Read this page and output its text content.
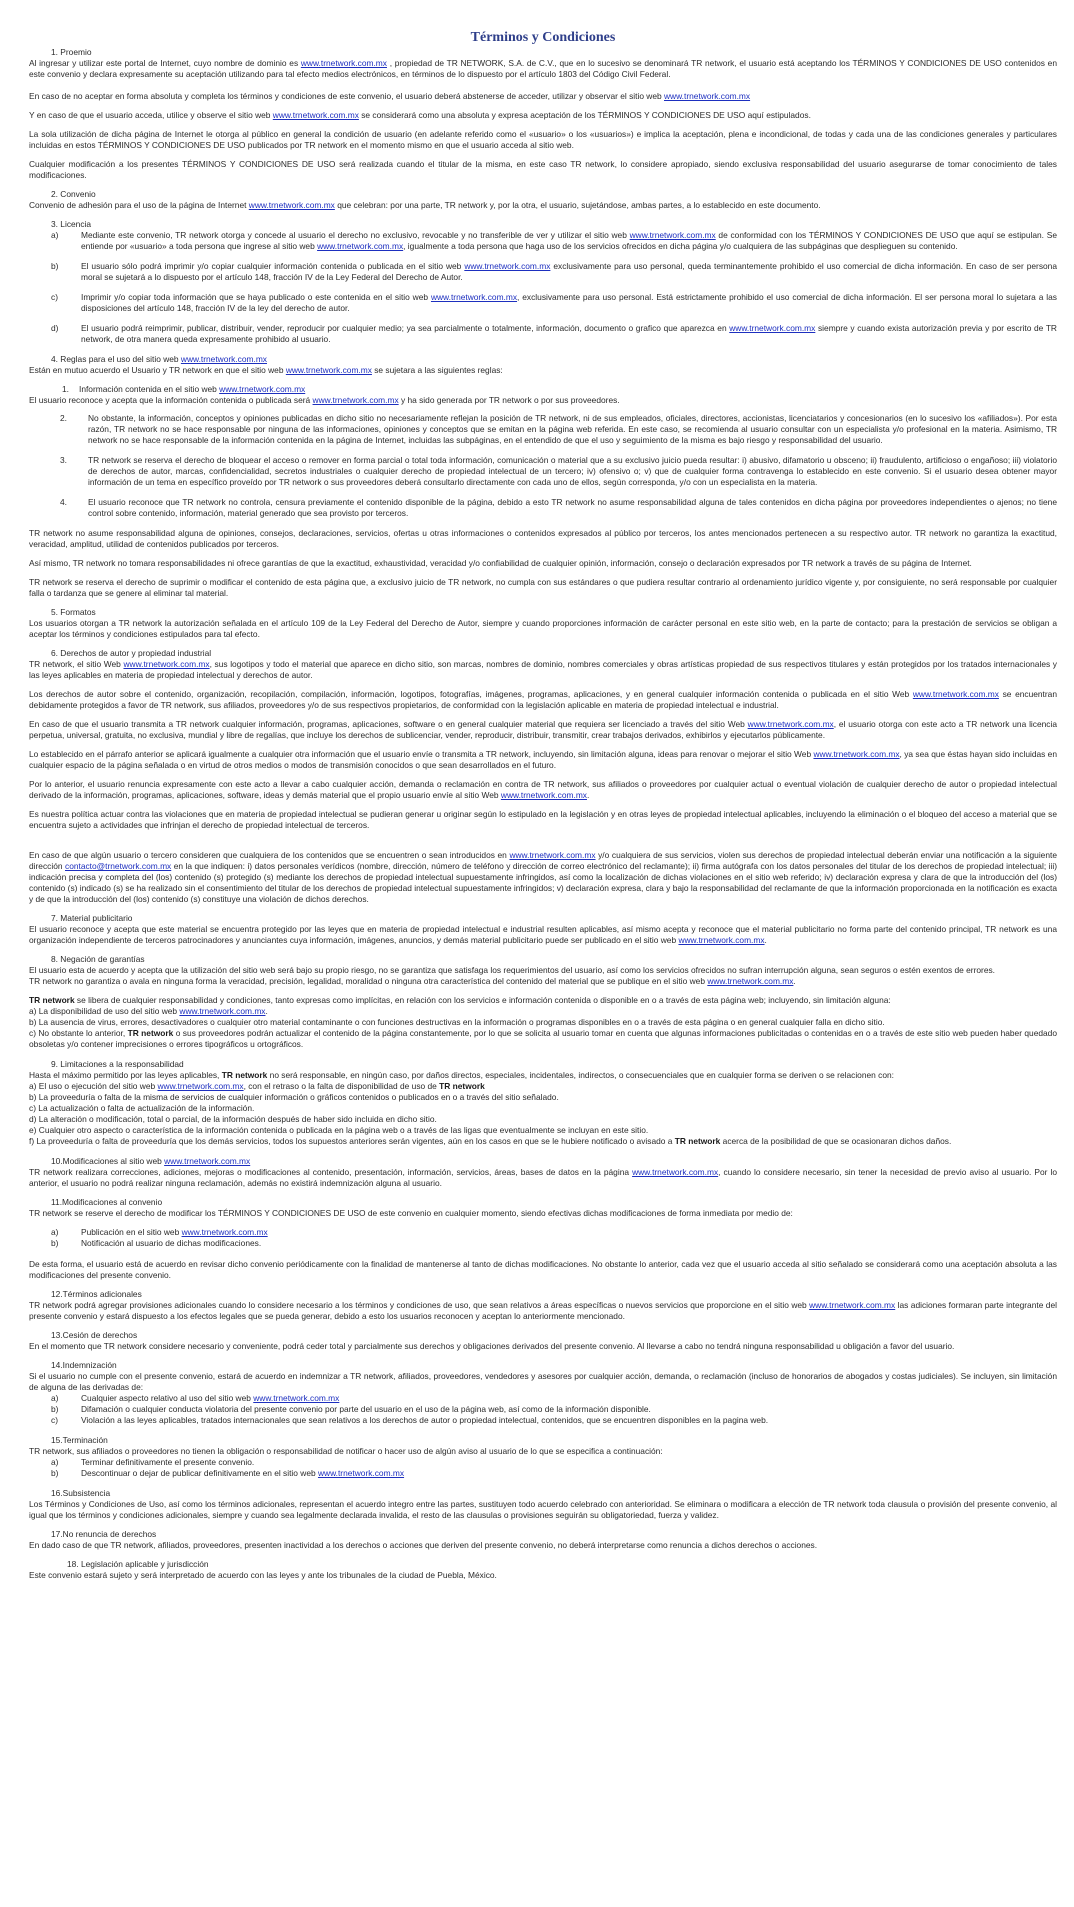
Términos y Condiciones
1. Proemio

Al ingresar y utilizar este portal de Internet, cuyo nombre de dominio es www.trnetwork.com.mx , propiedad de TR NETWORK, S.A. de C.V., que en lo sucesivo se denominará TR network, el usuario está aceptando los TÉRMINOS Y CONDICIONES DE USO contenidos en este convenio y declara expresamente su aceptación utilizando para tal efecto medios electrónicos, en términos de lo dispuesto por el artículo 1803 del Código Civil Federal.

En caso de no aceptar en forma absoluta y completa los términos y condiciones de este convenio, el usuario deberá abstenerse de acceder, utilizar y observar el sitio web www.trnetwork.com.mx

Y en caso de que el usuario acceda, utilice y observe el sitio web www.trnetwork.com.mx se considerará como una absoluta y expresa aceptación de los TÉRMINOS Y CONDICIONES DE USO aquí estipulados.

La sola utilización de dicha página de Internet le otorga al público en general la condición de usuario (en adelante referido como el «usuario» o los «usuarios») e implica la aceptación, plena e incondicional, de todas y cada una de las condiciones generales y particulares incluidas en estos TÉRMINOS Y CONDICIONES DE USO publicados por TR network en el momento mismo en que el usuario acceda al sitio web.

Cualquier modificación a los presentes TÉRMINOS Y CONDICIONES DE USO será realizada cuando el titular de la misma, en este caso TR network, lo considere apropiado, siendo exclusiva responsabilidad del usuario asegurarse de tomar conocimiento de tales modificaciones.

2. Convenio

Convenio de adhesión para el uso de la página de Internet www.trnetwork.com.mx que celebran: por una parte, TR network y, por la otra, el usuario, sujetándose, ambas partes, a lo establecido en este documento.

3. Licencia
a)	Mediante este convenio, TR network otorga y concede al usuario el derecho no exclusivo, revocable y no transferible de ver y utilizar el sitio web www.trnetwork.com.mx de conformidad con los TÉRMINOS Y CONDICIONES DE USO que aquí se estipulan. Se entiende por «usuario» a toda persona que ingrese al sitio web www.trnetwork.com.mx, igualmente a toda persona que haga uso de los servicios ofrecidos en dicha página y/o cualquiera de las subpáginas que desplieguen su contenido.
b)	El usuario sólo podrá imprimir y/o copiar cualquier información contenida o publicada en el sitio web www.trnetwork.com.mx exclusivamente para uso personal, queda terminantemente prohibido el uso comercial de dicha información. En caso de ser persona moral se sujetará a lo dispuesto por el artículo 148, fracción IV de la Ley Federal del Derecho de Autor.
c)	Imprimir y/o copiar toda información que se haya publicado o este contenida en el sitio web www.trnetwork.com.mx, exclusivamente para uso personal. Está estrictamente prohibido el uso comercial de dicha información. El ser persona moral lo sujetara a las disposiciones del artículo 148, fracción IV de la ley del derecho de autor.
d)	El usuario podrá reimprimir, publicar, distribuir, vender, reproducir por cualquier medio; ya sea parcialmente o totalmente, información, documento o grafico que aparezca en www.trnetwork.com.mx siempre y cuando exista autorización previa y por escrito de TR network, de otra manera queda expresamente prohibido al usuario.
4. Reglas para el uso del sitio web www.trnetwork.com.mx

Están en mutuo acuerdo el Usuario y TR network en que el sitio web www.trnetwork.com.mx se sujetara a las siguientes reglas:

1. Información contenida en el sitio web www.trnetwork.com.mx

El usuario reconoce y acepta que la información contenida o publicada será www.trnetwork.com.mx y ha sido generada por TR network o por sus proveedores.

2.	No obstante, la información, conceptos y opiniones publicadas en dicho sitio no necesariamente reflejan la posición de TR network, ni de sus empleados, oficiales, directores, accionistas, licenciatarios y concesionarios (en lo sucesivo los «afiliados»). Por esta razón, TR network no se hace responsable por ninguna de las informaciones, opiniones y conceptos que se emitan en la página web referida. En este caso, se recomienda al usuario consultar con un especialista y/o profesional en la materia. Asimismo, TR network no se hace responsable de la información contenida en la página de Internet, incluidas las subpáginas, en el entendido de que el uso y seguimiento de la misma es bajo riesgo y responsabilidad del usuario.
3.	TR network se reserva el derecho de bloquear el acceso o remover en forma parcial o total toda información, comunicación o material que a su exclusivo juicio pueda resultar: i) abusivo, difamatorio u obsceno; ii) fraudulento, artificioso o engañoso; iii) violatorio de derechos de autor, marcas, confidencialidad, secretos industriales o cualquier derecho de propiedad intelectual de un tercero; iv) ofensivo o; v) que de cualquier forma contravenga lo establecido en este convenio. Si el usuario desea obtener mayor información de un tema en específico proveído por TR network o sus proveedores deberá consultarlo directamente con cada uno de ellos, según corresponda, y/o con un especialista en la materia.
4.	El usuario reconoce que TR network no controla, censura previamente el contenido disponible de la página, debido a esto TR network no asume responsabilidad alguna de tales contenidos en dicha página por proveedores independientes o ajenos; no tiene control sobre contenido, información, material generado que sea provisto por terceros.

TR network no asume responsabilidad alguna de opiniones, consejos, declaraciones, servicios, ofertas u otras informaciones o contenidos expresados al público por terceros, los antes mencionados pertenecen a su respectivo autor. TR network no garantiza la exactitud, veracidad, amplitud, utilidad de contenidos publicados por terceros.

Así mismo, TR network no tomara responsabilidades ni ofrece garantías de que la exactitud, exhaustividad, veracidad y/o confiabilidad de cualquier opinión, información, consejo o declaración expresados por TR network a través de su página de Internet.

TR network se reserva el derecho de suprimir o modificar el contenido de esta página que, a exclusivo juicio de TR network, no cumpla con sus estándares o que pudiera resultar contrario al ordenamiento jurídico vigente y, por consiguiente, no será responsable por cualquier falla o tardanza que se genere al eliminar tal material.

5. Formatos

Los usuarios otorgan a TR network la autorización señalada en el artículo 109 de la Ley Federal del Derecho de Autor, siempre y cuando proporciones información de carácter personal en este sitio web, en la parte de contacto; para la prestación de servicios se obligan a aceptar los términos y condiciones estipulados para tal efecto.

6. Derechos de autor y propiedad industrial

TR network, el sitio Web www.trnetwork.com.mx, sus logotipos y todo el material que aparece en dicho sitio, son marcas, nombres de dominio, nombres comerciales y obras artísticas propiedad de sus respectivos titulares y están protegidos por los tratados internacionales y las leyes aplicables en materia de propiedad intelectual y derechos de autor.

Los derechos de autor sobre el contenido, organización, recopilación, compilación, información, logotipos, fotografías, imágenes, programas, aplicaciones, y en general cualquier información contenida o publicada en el sitio Web www.trnetwork.com.mx se encuentran debidamente protegidos a favor de TR network, sus afiliados, proveedores y/o de sus respectivos propietarios, de conformidad con la legislación aplicable en materia de propiedad intelectual e industrial.

En caso de que el usuario transmita a TR network cualquier información, programas, aplicaciones, software o en general cualquier material que requiera ser licenciado a través del sitio Web www.trnetwork.com.mx, el usuario otorga con este acto a TR network una licencia perpetua, universal, gratuita, no exclusiva, mundial y libre de regalías, que incluye los derechos de sublicenciar, vender, reproducir, distribuir, transmitir, crear trabajos derivados, exhibirlos y ejecutarlos públicamente.

Lo establecido en el párrafo anterior se aplicará igualmente a cualquier otra información que el usuario envíe o transmita a TR network, incluyendo, sin limitación alguna, ideas para renovar o mejorar el sitio Web www.trnetwork.com.mx, ya sea que éstas hayan sido incluidas en cualquier espacio de la página señalada o en virtud de otros medios o modos de transmisión conocidos o que sean desarrollados en el futuro.

Por lo anterior, el usuario renuncia expresamente con este acto a llevar a cabo cualquier acción, demanda o reclamación en contra de TR network, sus afiliados o proveedores por cualquier actual o eventual violación de cualquier derecho de autor o propiedad intelectual derivado de la información, programas, aplicaciones, software, ideas y demás material que el propio usuario envíe al sitio Web www.trnetwork.com.mx.

Es nuestra política actuar contra las violaciones que en materia de propiedad intelectual se pudieran generar u originar según lo estipulado en la legislación y en otras leyes de propiedad intelectual aplicables, incluyendo la eliminación o el bloqueo del acceso a material que se encuentra sujeto a actividades que infrinjan el derecho de propiedad intelectual de terceros.

En caso de que algún usuario o tercero consideren que cualquiera de los contenidos que se encuentren o sean introducidos en www.trnetwork.com.mx y/o cualquiera de sus servicios, violen sus derechos de propiedad intelectual deberán enviar una notificación a la siguiente dirección contacto@trnetwork.com.mx en la que indiquen: i) datos personales verídicos (nombre, dirección, número de teléfono y dirección de correo electrónico del reclamante); ii) firma autógrafa con los datos personales del titular de los derechos de propiedad intelectual; iii) indicación precisa y completa del (los) contenido (s) protegido (s) mediante los derechos de propiedad intelectual supuestamente infringidos, así como la localización de dichas violaciones en el sitio web referido; iv) declaración expresa y clara de que la introducción del (los) contenido (s) indicado (s) se ha realizado sin el consentimiento del titular de los derechos de propiedad intelectual supuestamente infringidos; v) declaración expresa, clara y bajo la responsabilidad del reclamante de que la información proporcionada en la notificación es exacta y de que la introducción del (los) contenido (s) constituye una violación de dichos derechos.

7. Material publicitario

El usuario reconoce y acepta que este material se encuentra protegido por las leyes que en materia de propiedad intelectual e industrial resulten aplicables, así mismo acepta y reconoce que el material publicitario no forma parte del contenido principal, TR network es una organización independiente de terceros patrocinadores y anunciantes cuya información, imágenes, anuncios, y demás material publicitario puede ser publicado en el sitio web www.trnetwork.com.mx.

8. Negación de garantías

El usuario esta de acuerdo y acepta que la utilización del sitio web será bajo su propio riesgo, no se garantiza que satisfaga los requerimientos del usuario, así como los servicios ofrecidos no sufran interrupción alguna, sean seguros o estén exentos de errores.

TR network no garantiza o avala en ninguna forma la veracidad, precisión, legalidad, moralidad o ninguna otra característica del contenido del material que se publique en el sitio web www.trnetwork.com.mx.

TR network se libera de cualquier responsabilidad y condiciones, tanto expresas como implícitas, en relación con los servicios e información contenida o disponible en o a través de esta página web; incluyendo, sin limitación alguna:

a) La disponibilidad de uso del sitio web www.trnetwork.com.mx.
b) La ausencia de virus, errores, desactivadores o cualquier otro material contaminante o con funciones destructivas en la información o programas disponibles en o a través de esta página o en general cualquier falla en dicho sitio.
c) No obstante lo anterior, TR network o sus proveedores podrán actualizar el contenido de la página constantemente, por lo que se solicita al usuario tomar en cuenta que algunas informaciones publicitadas o contenidas en o a través de este sitio web pueden haber quedado obsoletas y/o contener imprecisiones o errores tipográficos u ortográficos.
9. Limitaciones a la responsabilidad

Hasta el máximo permitido por las leyes aplicables, TR network no será responsable, en ningún caso, por daños directos, especiales, incidentales, indirectos, o consecuenciales que en cualquier forma se deriven o se relacionen con:

a) El uso o ejecución del sitio web www.trnetwork.com.mx, con el retraso o la falta de disponibilidad de uso de TR network
b) La proveeduría o falta de la misma de servicios de cualquier información o gráficos contenidos o publicados en o a través del sitio señalado.
c) La actualización o falta de actualización de la información.
d) La alteración o modificación, total o parcial, de la información después de haber sido incluida en dicho sitio.
e) Cualquier otro aspecto o característica de la información contenida o publicada en la página web o a través de las ligas que eventualmente se incluyan en este sitio.
f) La proveeduría o falta de proveeduría que los demás servicios, todos los supuestos anteriores serán vigentes, aún en los casos en que se le hubiere notificado o avisado a TR network acerca de la posibilidad de que se ocasionaran dichos daños.
10.Modificaciones al sitio web www.trnetwork.com.mx

TR network realizara correcciones, adiciones, mejoras o modificaciones al contenido, presentación, información, servicios, áreas, bases de datos en la página www.trnetwork.com.mx, cuando lo considere necesario, sin tener la necesidad de previo aviso al usuario. Por lo anterior, el usuario no podrá realizar ninguna reclamación, además no existirá indemnización alguna al usuario.

11.Modificaciones al convenio

TR network se reserve el derecho de modificar los TÉRMINOS Y CONDICIONES DE USO de este convenio en cualquier momento, siendo efectivas dichas modificaciones de forma inmediata por medio de:

a)	Publicación en el sitio web www.trnetwork.com.mx
b)	Notificación al usuario de dichas modificaciones.

De esta forma, el usuario está de acuerdo en revisar dicho convenio periódicamente con la finalidad de mantenerse al tanto de dichas modificaciones. No obstante lo anterior, cada vez que el usuario acceda al sitio señalado se considerará como una aceptación absoluta a las modificaciones del presente convenio.

12.Términos adicionales

TR network podrá agregar provisiones adicionales cuando lo considere necesario a los términos y condiciones de uso, que sean relativos a áreas específicas o nuevos servicios que proporcione en el sitio web www.trnetwork.com.mx las adiciones formaran parte integrante del presente convenio y estará dispuesto a los efectos legales que se pueda generar, debido a esto los usuarios reconocen y aceptan lo anteriormente mencionado.

13.Cesión de derechos

En el momento que TR network considere necesario y conveniente, podrá ceder total y parcialmente sus derechos y obligaciones derivados del presente convenio. Al llevarse a cabo no tendrá ninguna responsabilidad u obligación a favor del usuario.

14.Indemnización

Si el usuario no cumple con el presente convenio, estará de acuerdo en indemnizar a TR network, afiliados, proveedores, vendedores y asesores por cualquier acción, demanda, o reclamación (incluso de honorarios de abogados y costas judiciales). Se incluyen, sin limitación de alguna de las derivadas de:

a)	Cualquier aspecto relativo al uso del sitio web www.trnetwork.com.mx
b)	Difamación o cualquier conducta violatoria del presente convenio por parte del usuario en el uso de la página web, así como de la información disponible.
c)	Violación a las leyes aplicables, tratados internacionales que sean relativos a los derechos de autor o propiedad intelectual, contenidos, que se encuentren disponibles en la pagina web.
15.Terminación

TR network, sus afiliados o proveedores no tienen la obligación o responsabilidad de notificar o hacer uso de algún aviso al usuario de lo que se especifica a continuación:

a)	Terminar definitivamente el presente convenio.
b)	Descontinuar o dejar de publicar definitivamente en el sitio web www.trnetwork.com.mx
16.Subsistencia

Los Términos y Condiciones de Uso, así como los términos adicionales, representan el acuerdo integro entre las partes, sustituyen todo acuerdo celebrado con anterioridad. Se eliminara o modificara a elección de TR network toda clausula o provisión del presente convenio, al igual que los términos y condiciones adicionales, siempre y cuando sea legalmente declarada invalida, el resto de las clausulas o provisiones seguirán su obligatoriedad, fuerza y validez.

17.No renuncia de derechos

En dado caso de que TR network, afiliados, proveedores, presenten inactividad a los derechos o acciones que deriven del presente convenio, no deberá interpretarse como renuncia a dichos derechos o acciones.

18. Legislación aplicable y jurisdicción

Este convenio estará sujeto y será interpretado de acuerdo con las leyes y ante los tribunales de la ciudad de Puebla, México.
